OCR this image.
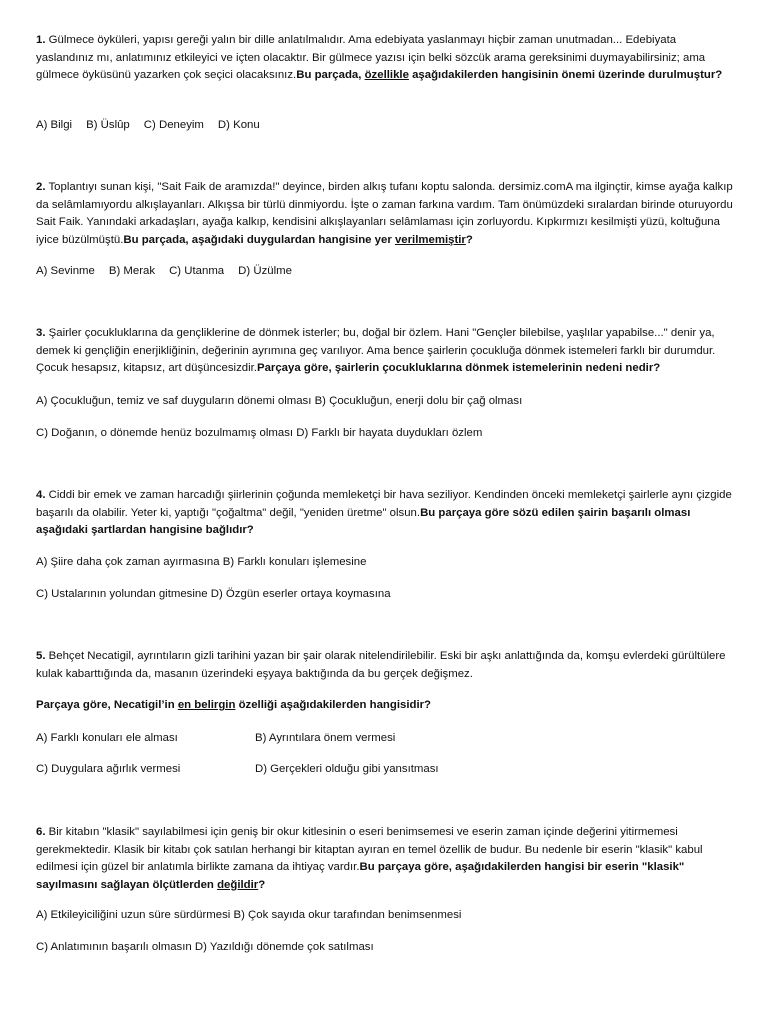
1. Gülmece öyküleri, yapısı gereği yalın bir dille anlatılmalıdır. Ama edebiyata yaslanmayı hiçbir zaman unutmadan... Edebiyata yaslandınız mı, anlatımınız etkileyici ve içten olacaktır. Bir gülmece yazısı için belki sözcük arama gereksinimi duymayabilirsiniz; ama gülmece öyküsünü yazarken çok seçici olacaksınız.Bu parçada, özellikle aşağıdakilerden hangisinin önemi üzerinde durulmuştur?
A) Bilgi B) Üslûp C) Deneyim D) Konu
2. Toplantıyı sunan kişi, "Sait Faik de aramızda!" deyince, birden alkış tufanı koptu salonda. dersimiz.comA ma ilginçtir, kimse ayağa kalkıp da selâmlamıyordu alkışlayanları. Alkışsa bir türlü dinmiyordu. İşte o zaman farkına vardım. Tam önümüzdeki sıralardan birinde oturuyordu Sait Faik. Yanındaki arkadaşları, ayağa kalkıp, kendisini alkışlayanları selâmlaması için zorluyordu. Kıpkırmızı kesilmişti yüzü, koltuğuna iyice büzülmüştü.Bu parçada, aşağıdaki duygulardan hangisine yer verilmemiştir?
A) Sevinme B) Merak C) Utanma D) Üzülme
3. Şairler çocukluklarına da gençliklerine de dönmek isterler; bu, doğal bir özlem. Hani "Gençler bilebilse, yaşlılar yapabilse..." denir ya, demek ki gençliğin enerjikliğinin, değerinin ayrımına geç varılıyor. Ama bence şairlerin çocukluğa dönmek istemeleri farklı bir durumdur. Çocuk hesapsız, kitapsız, art düşüncesizdir.Parçaya göre, şairlerin çocukluklarına dönmek istemelerinin nedeni nedir?
A) Çocukluğun, temiz ve saf duyguların dönemi olması B) Çocukluğun, enerji dolu bir çağ olması
C) Doğanın, o dönemde henüz bozulmamış olması D) Farklı bir hayata duydukları özlem
4. Ciddi bir emek ve zaman harcadığı şiirlerinin çoğunda memleketçi bir hava seziliyor. Kendinden önceki memleketçi şairlerle aynı çizgide başarılı da olabilir. Yeter ki, yaptığı "çoğaltma" değil, "yeniden üretme" olsun.Bu parçaya göre sözü edilen şairin başarılı olması aşağıdaki şartlardan hangisine bağlıdır?
A) Şiire daha çok zaman ayırmasına B) Farklı konuları işlemesine
C) Ustalarının yolundan gitmesine D) Özgün eserler ortaya koymasına
5. Behçet Necatigil, ayrıntıların gizli tarihini yazan bir şair olarak nitelendirilebilir. Eski bir aşkı anlattığında da, komşu evlerdeki gürültülere kulak kabarttığında da, masanın üzerindeki eşyaya baktığında da bu gerçek değişmez.
Parçaya göre, Necatigil’in en belirgin özelliği aşağıdakilerden hangisidir?
A) Farklı konuları ele alması	B) Ayrıntılara önem vermesi
C) Duygulara ağırlık vermesi	D) Gerçekleri olduğu gibi yansıtması
6. Bir kitabın "klasik" sayılabilmesi için geniş bir okur kitlesinin o eseri benimsemesi ve eserin zaman içinde değerini yitirmemesi gerekmektedir. Klasik bir kitabı çok satılan herhangi bir kitaptan ayıran en temel özellik de budur. Bu nedenle bir eserin "klasik" kabul edilmesi için güzel bir anlatımla birlikte zamana da ihtiyaç vardır.Bu parçaya göre, aşağıdakilerden hangisi bir eserin "klasik" sayılmasını sağlayan ölçütlerden değildir?
A) Etkileyiciliğini uzun süre sürdürmesi B) Çok sayıda okur tarafından benimsenmesi
C) Anlatımının başarılı olmasın D) Yazıldığı dönemde çok satılması
